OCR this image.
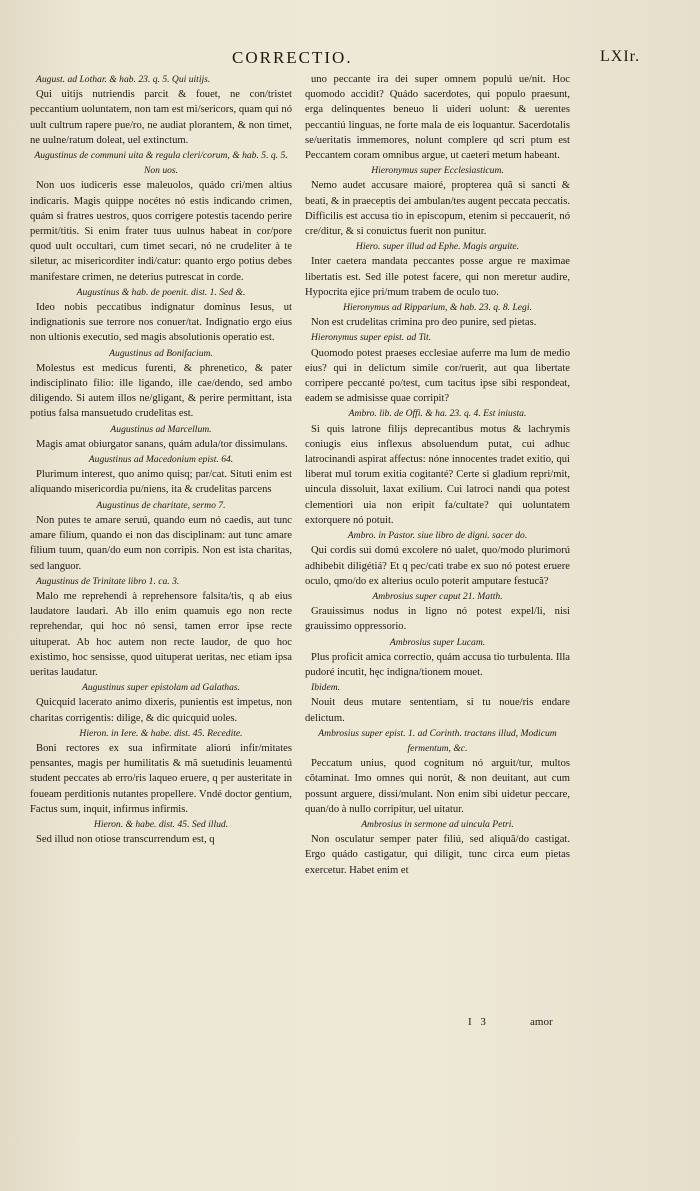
CORRECTIO.	LXIr.

August. ad Lothar. & hab. 23. q. 5. Qui uitijs.

Qui uitijs nutriendis parcit & fouet, ne con/tristet peccantium uoluntatem, non tam est mi/sericors, quam qui nó uult cultrum rapere pue/ro, ne audiat plorantem, & non timet, ne uulne/ratum doleat, uel extinctum.

Augustinus de communi uita & regula cleri/corum, & hab. 5. q. 5. Non uos.

Non uos iudiceris esse maleuolos, quádo cri/men altius indicaris. Magis quippe nocétes nó estis indicando crimen, quám si fratres uestros, quos corrigere potestis tacendo perire permit/titis. Si enim frater tuus uulnus habeat in cor/pore quod uult occultari, cum timet secari, nó ne crudeliter à te siletur, ac misericorditer indi/catur: quanto ergo potius debes manifestare crimen, ne deterius putrescat in corde.

Augustinus & hab. de poenit. dist. 1. Sed &.

Ideo nobis peccatibus indignatur dominus Iesus, ut indignationis sue terrore nos conuer/tat. Indignatio ergo eius non ultionis executio, sed magis absolutionis operatio est.

Augustinus ad Bonifacium.

Molestus est medicus furenti, & phrenetico, & pater indisciplinato filio: ille ligando, ille cae/dendo, sed ambo diligendo. Si autem illos ne/gligant, & perire permittant, ista potius falsa mansuetudo crudelitas est.

Augustinus ad Marcellum.

Magis amat obiurgator sanans, quám adula/tor dissimulans.

Augustinus ad Macedonium epist. 64.

Plurimum interest, quo animo quisq; par/cat. Situti enim est aliquando misericordia pu/niens, ita & crudelitas parcens

Augustinus de charitate, sermo 7.

Non putes te amare seruú, quando eum nó caedis, aut tunc amare filium, quando ei non das disciplinam: aut tunc amare filium tuum, quan/do eum non corripis. Non est ista charitas, sed languor.

Augustinus de Trinitate libro 1. ca. 3.

Malo me reprehendi à reprehensore falsita/tis, q ab eius laudatore laudari. Ab illo enim quamuis ego non recte reprehendar, qui hoc nó sensi, tamen error ipse recte uituperat. Ab hoc autem non recte laudor, de quo hoc existimo, hoc sensisse, quod uituperat ueritas, nec etiam ipsa ueritas laudatur.

Augustinus super epistolam ad Galathas.

Quicquid lacerato animo dixeris, punientis est impetus, non charitas corrigentis: dilige, & dic quicquid uoles.

Hieron. in Iere. & habe. dist. 45. Recedite.

Boni rectores ex sua infirmitate aliorú infir/mitates pensantes, magis per humilitatis & mã suetudinis leuamentú student peccates ab erro/ris laqueo eruere, q per austeritate in foueam perditionis nutantes propellere. Vndé doctor gentium, Factus sum, inquit, infirmus infirmis.

Hieron. & habe. dist. 45. Sed illud.

Sed illud non otiose transcurrendum est, q

uno peccante ira dei super omnem populú ue/nit. Hoc quomodo accidit? Quádo sacerdotes, qui populo praesunt, erga delinquentes beneuo li uideri uolunt: & uerentes peccantiú linguas, ne forte mala de eis loquantur. Sacerdotalis se/ueritatis immemores, nolunt complere qd scri ptum est Peccantem coram omnibus argue, ut caeteri metum habeant.

Hieronymus super Ecclesiasticum.

Nemo audet accusare maioré, propterea quã si sancti & beati, & in praeceptis dei ambulan/tes augent peccata peccatis. Difficilis est accusa tio in episcopum, etenim si peccauerit, nó cre/ditur, & si conuictus fuerit non punitur.

Hiero. super illud ad Ephe. Magis arguite.

Inter caetera mandata peccantes posse argue re maximae libertatis est. Sed ille potest facere, qui non meretur audire, Hypocrita ejice pri/mum trabem de oculo tuo.

Hieronymus ad Ripparium, & hab. 23. q. 8. Legi.

Non est crudelitas crimina pro deo punire, sed pietas.

Hieronymus super epist. ad Tit.

Quomodo potest praeses ecclesiae auferre ma lum de medio eius? qui in delictum simile cor/ruerit, aut qua libertate corripere peccanté po/test, cum tacitus ipse sibi respondeat, eadem se admisisse quae corripit?

Ambro. lib. de Offi. & ha. 23. q. 4. Est iniusta.

Si quis latrone filijs deprecantibus motus & lachrymis coniugis eius inflexus absoluendum putat, cui adhuc latrocinandi aspirat affectus: nóne innocentes tradet exitio, qui liberat mul torum exitia cogitanté? Certe si gladium repri/mit, uincula dissoluit, laxat exilium. Cui latroci nandi qua potest clementiori uia non eripit fa/cultate? qui uoluntatem extorquere nó potuit.

Ambro. in Pastor. siue libro de digni. sacer do.

Qui cordis sui domú excolere nó ualet, quo/modo plurimorú adhibebit diligétiá? Et q pec/cati trabe ex suo nó potest eruere oculo, qmo/do ex alterius oculo poterit amputare festucã?

Ambrosius super caput 21. Matth.

Grauissimus nodus in ligno nó potest expel/li, nisi grauissimo oppressorio.

Ambrosius super Lucam.

Plus proficit amica correctio, quám accusa tio turbulenta. Illa pudoré incutit, hęc indigna/tionem mouet.

Ibidem.

Nouit deus mutare sententiam, si tu noue/ris endare delictum.

Ambrosius super epist. 1. ad Corinth. tractans illud, Modicum fermentum, &c.

Peccatum unius, quod cognitum nó arguit/tur, multos cõtaminat. Imo omnes qui norút, & non deuitant, aut cum possunt arguere, dissi/mulant. Non enim sibi uidetur peccare, quan/do à nullo corripitur, uel uitatur.

Ambrosius in sermone ad uincula Petri.

Non osculatur semper pater filiú, sed aliquã/do castigat. Ergo quádo castigatur, qui diligit, tunc circa eum pietas exercetur. Habet enim et

I 3	amor
